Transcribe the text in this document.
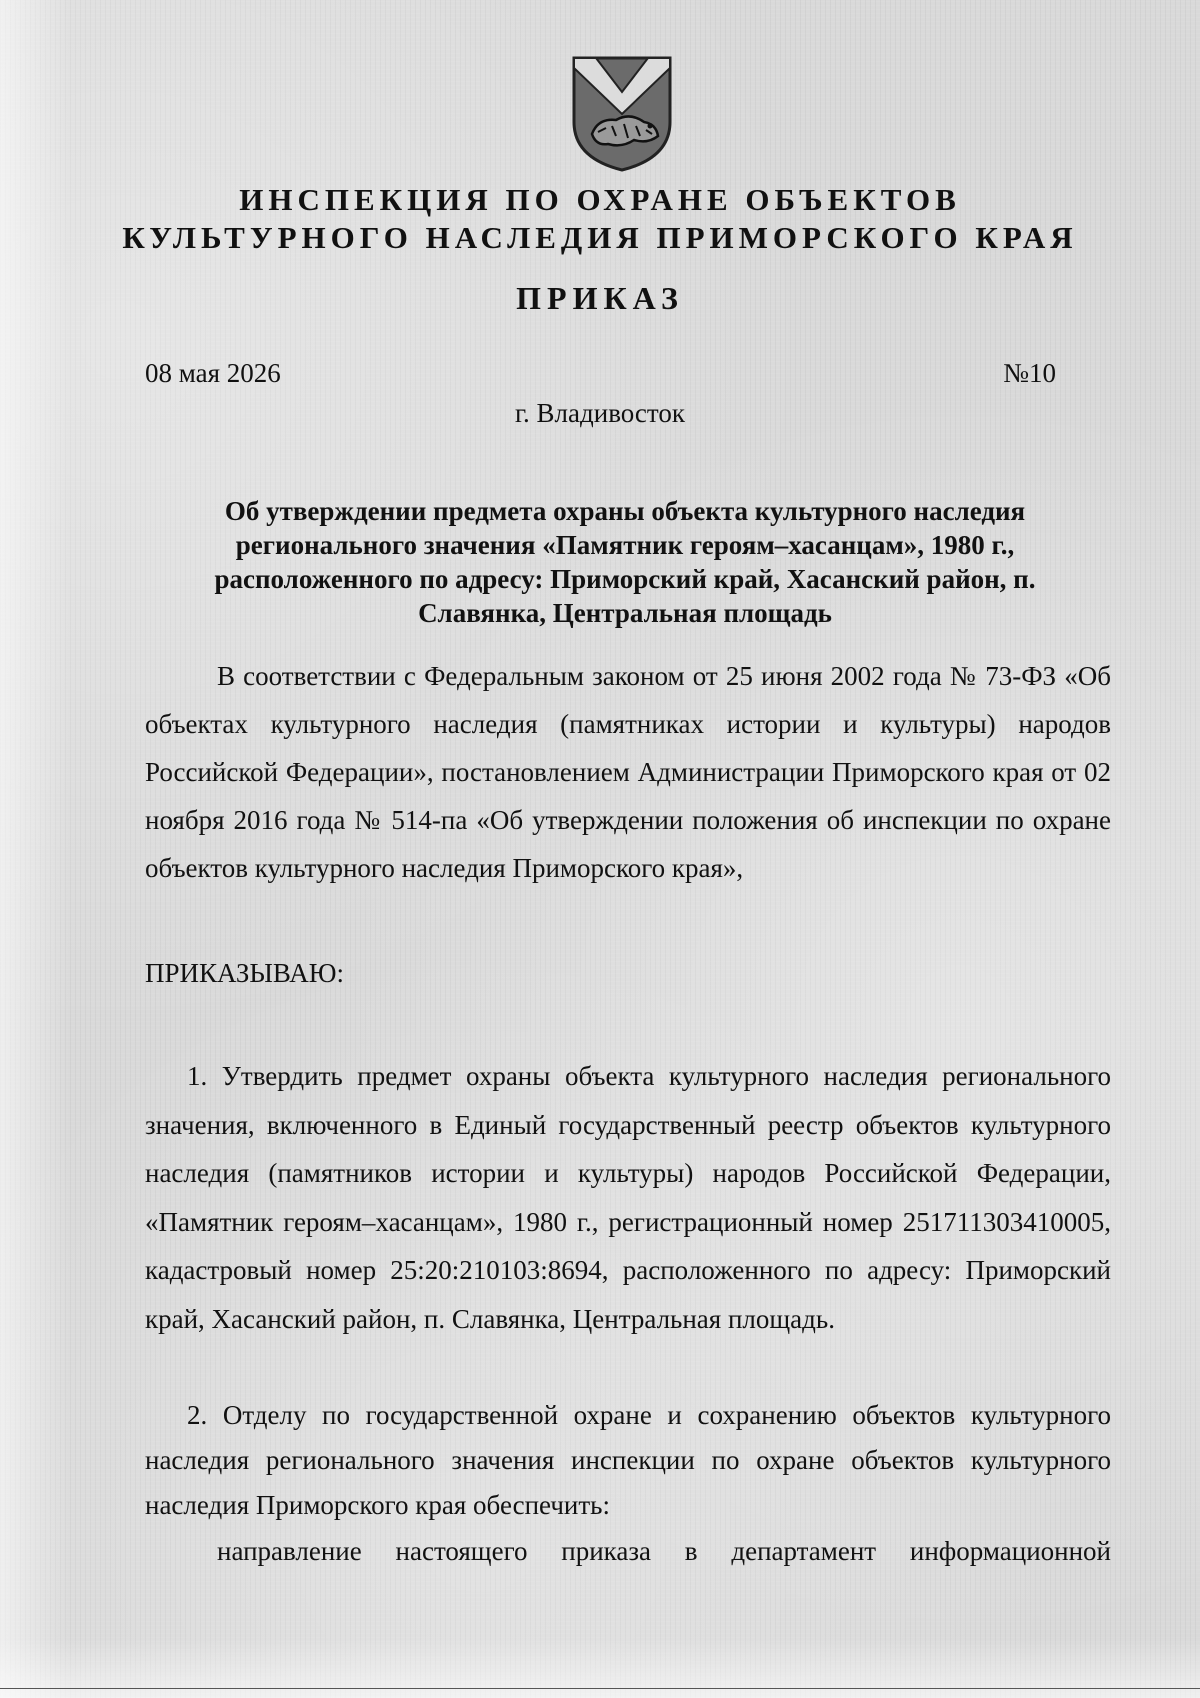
ИНСПЕКЦИЯ ПО ОХРАНЕ ОБЪЕКТОВ
КУЛЬТУРНОГО НАСЛЕДИЯ ПРИМОРСКОГО КРАЯ
ПРИКАЗ
08 мая 2026	№10
г. Владивосток
Об утверждении предмета охраны объекта культурного наследия регионального значения «Памятник героям–хасанцам», 1980 г., расположенного по адресу: Приморский край, Хасанский район, п. Славянка, Центральная площадь
В соответствии с Федеральным законом от 25 июня 2002 года № 73-ФЗ «Об объектах культурного наследия (памятниках истории и культуры) народов Российской Федерации», постановлением Администрации Приморского края от 02 ноября 2016 года № 514-па «Об утверждении положения об инспекции по охране объектов культурного наследия Приморского края»,
ПРИКАЗЫВАЮ:
1. Утвердить предмет охраны объекта культурного наследия регионального значения, включенного в Единый государственный реестр объектов культурного наследия (памятников истории и культуры) народов Российской Федерации, «Памятник героям–хасанцам», 1980 г., регистрационный номер 251711303410005, кадастровый номер 25:20:210103:8694, расположенного по адресу: Приморский край, Хасанский район, п. Славянка, Центральная площадь.
2. Отделу по государственной охране и сохранению объектов культурного наследия регионального значения инспекции по охране объектов культурного наследия Приморского края обеспечить:
направление настоящего приказа в департамент информационной
